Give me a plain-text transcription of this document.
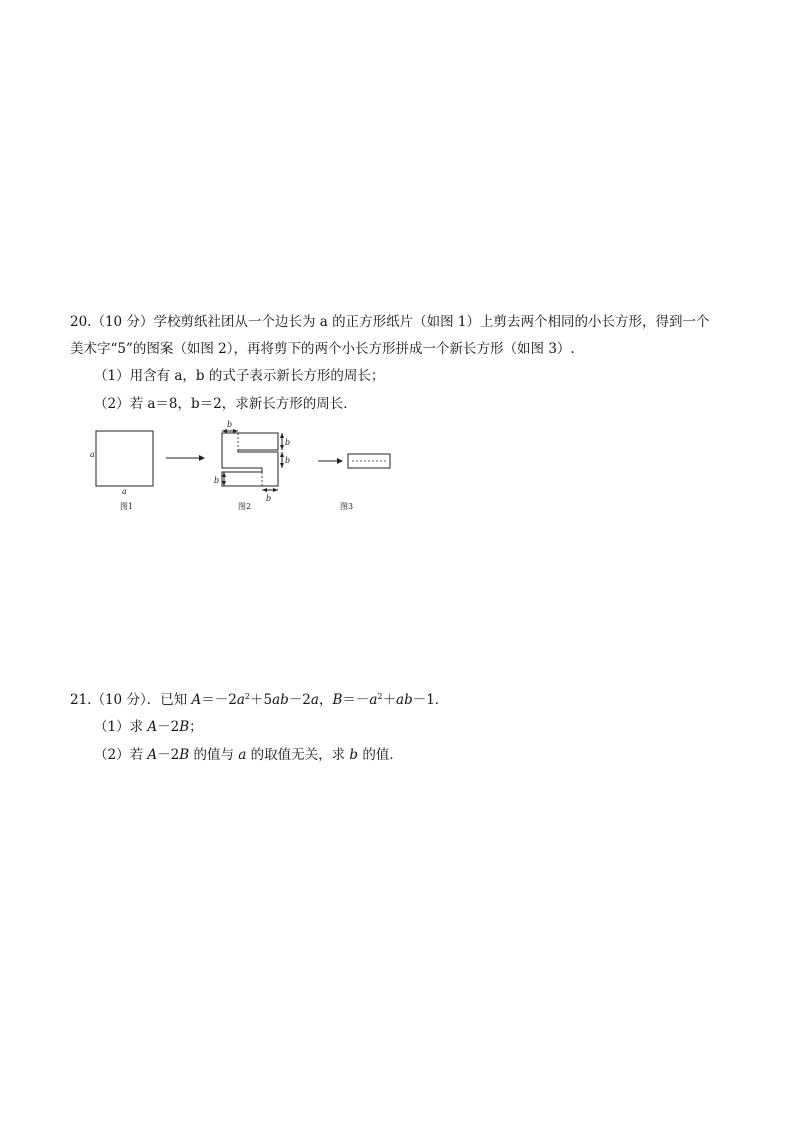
20.（10 分）学校剪纸社团从一个边长为 a 的正方形纸片（如图 1）上剪去两个相同的小长方形，得到一个
美术字“5”的图案（如图 2），再将剪下的两个小长方形拼成一个新长方形（如图 3）.
（1）用含有 a，b 的式子表示新长方形的周长；
（2）若 a＝8，b＝2，求新长方形的周长．
a
a
图1
b
b
b
b
b
图2	图3
21.（10 分）．已知 $A=-2a^2+5ab-2a$，$B=-a^2+ab-1$．
（1）求 A－2B；
（2）若 A－2B 的值与 a 的取值无关，求 b 的值．
